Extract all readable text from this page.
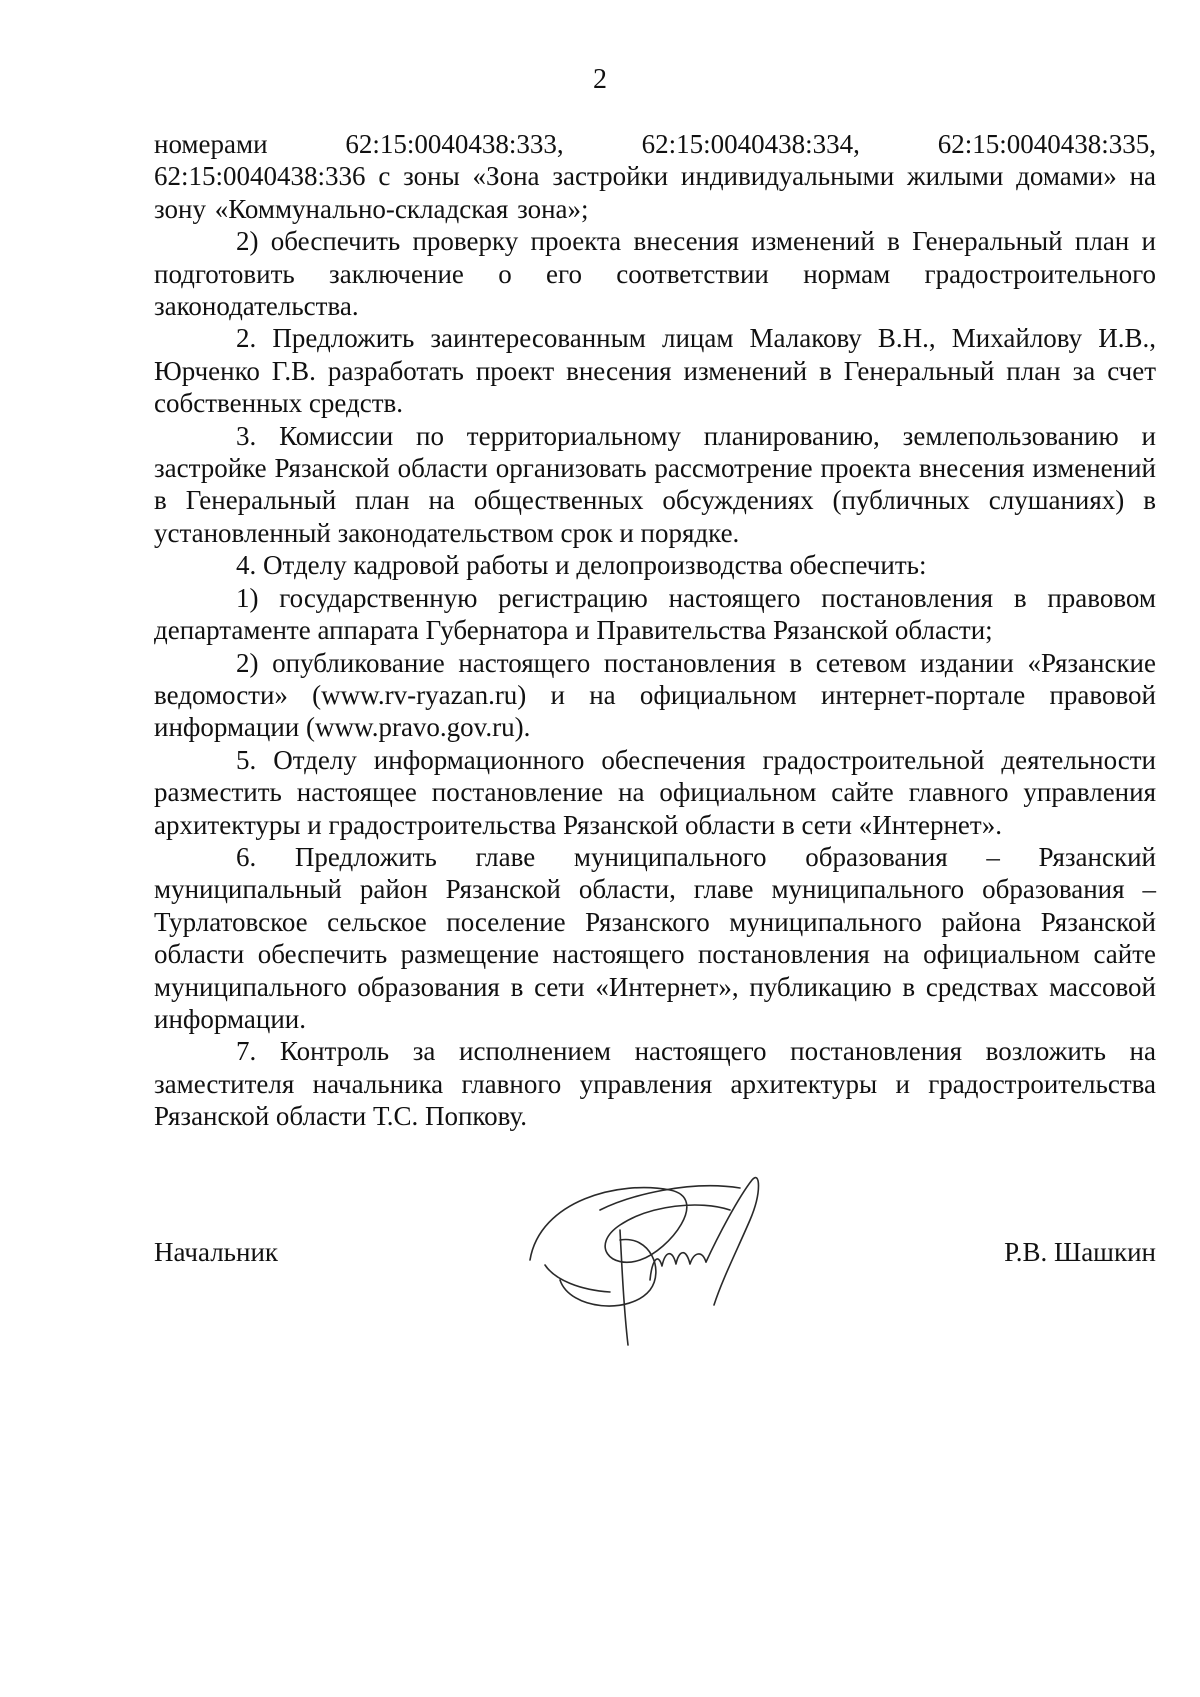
2

номерами 62:15:0040438:333, 62:15:0040438:334, 62:15:0040438:335, 62:15:0040438:336 с зоны «Зона застройки индивидуальными жилыми домами» на зону «Коммунально-складская зона»;

2) обеспечить проверку проекта внесения изменений в Генеральный план и подготовить заключение о его соответствии нормам градостроительного законодательства.

2. Предложить заинтересованным лицам Малакову В.Н., Михайлову И.В., Юрченко Г.В. разработать проект внесения изменений в Генеральный план за счет собственных средств.

3. Комиссии по территориальному планированию, землепользованию и застройке Рязанской области организовать рассмотрение проекта внесения изменений в Генеральный план на общественных обсуждениях (публичных слушаниях) в установленный законодательством срок и порядке.

4. Отделу кадровой работы и делопроизводства обеспечить:

1) государственную регистрацию настоящего постановления в правовом департаменте аппарата Губернатора и Правительства Рязанской области;

2) опубликование настоящего постановления в сетевом издании «Рязанские ведомости» (www.rv-ryazan.ru) и на официальном интернет-портале правовой информации (www.pravo.gov.ru).

5. Отделу информационного обеспечения градостроительной деятельности разместить настоящее постановление на официальном сайте главного управления архитектуры и градостроительства Рязанской области в сети «Интернет».

6. Предложить главе муниципального образования – Рязанский муниципальный район Рязанской области, главе муниципального образования – Турлатовское сельское поселение Рязанского муниципального района Рязанской области обеспечить размещение настоящего постановления на официальном сайте муниципального образования в сети «Интернет», публикацию в средствах массовой информации.

7. Контроль за исполнением настоящего постановления возложить на заместителя начальника главного управления архитектуры и градостроительства Рязанской области Т.С. Попкову.

Начальник	Р.В. Шашкин
